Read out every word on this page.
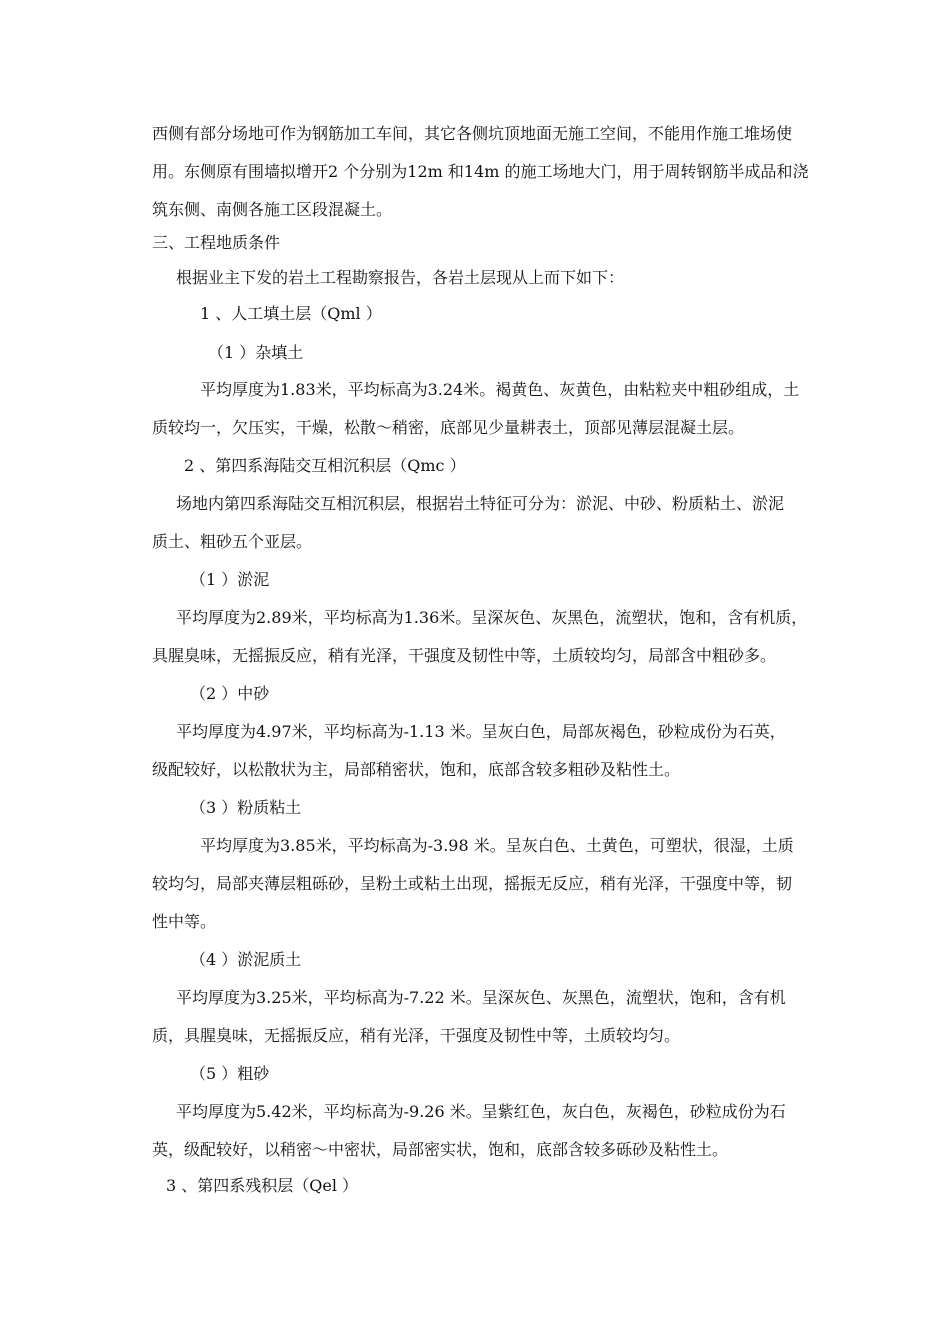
西侧有部分场地可作为钢筋加工车间，其它各侧坑顶地面无施工空间，不能用作施工堆场使
用。东侧原有围墙拟增开2 个分别为12m 和14m 的施工场地大门，用于周转钢筋半成品和浇
筑东侧、南侧各施工区段混凝土。
三、工程地质条件
根据业主下发的岩土工程勘察报告，各岩土层现从上而下如下：
1 、人工填土层（Qml ）
（1 ）杂填土
平均厚度为1.83米，平均标高为3.24米。褐黄色、灰黄色，由粘粒夹中粗砂组成，土
质较均一，欠压实，干燥，松散～稍密，底部见少量耕表土，顶部见薄层混凝土层。
2 、第四系海陆交互相沉积层（Qmc ）
场地内第四系海陆交互相沉积层，根据岩土特征可分为：淤泥、中砂、粉质粘土、淤泥
质土、粗砂五个亚层。
（1 ）淤泥
平均厚度为2.89米，平均标高为1.36米。呈深灰色、灰黑色，流塑状，饱和，含有机质，
具腥臭味，无摇振反应，稍有光泽，干强度及韧性中等，土质较均匀，局部含中粗砂多。
（2 ）中砂
平均厚度为4.97米，平均标高为-1.13 米。呈灰白色，局部灰褐色，砂粒成份为石英，
级配较好，以松散状为主，局部稍密状，饱和，底部含较多粗砂及粘性土。
（3 ）粉质粘土
平均厚度为3.85米，平均标高为-3.98 米。呈灰白色、土黄色，可塑状，很湿，土质
较均匀，局部夹薄层粗砾砂，呈粉土或粘土出现，摇振无反应，稍有光泽，干强度中等，韧
性中等。
（4 ）淤泥质土
平均厚度为3.25米，平均标高为-7.22 米。呈深灰色、灰黑色，流塑状，饱和，含有机
质，具腥臭味，无摇振反应，稍有光泽，干强度及韧性中等，土质较均匀。
（5 ）粗砂
平均厚度为5.42米，平均标高为-9.26 米。呈紫红色，灰白色，灰褐色，砂粒成份为石
英，级配较好，以稍密～中密状，局部密实状，饱和，底部含较多砾砂及粘性土。
3 、第四系残积层（Qel ）
